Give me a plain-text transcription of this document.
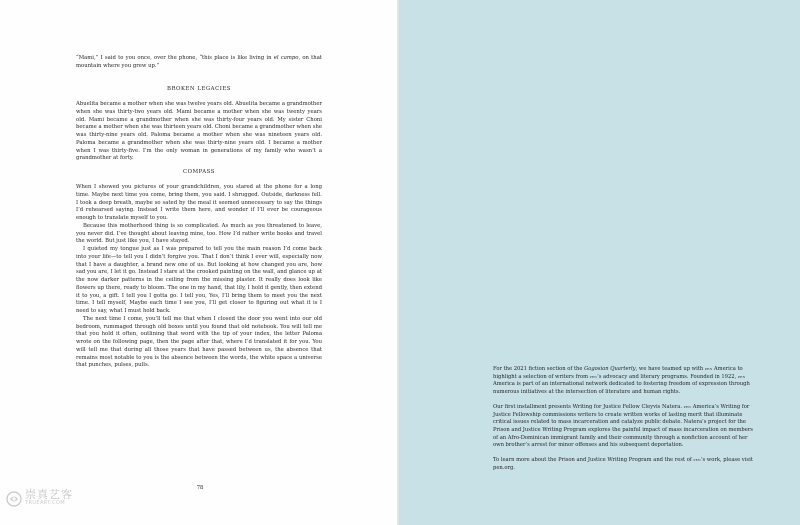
“Mami,” I said to you once, over the phone, “this place is like living in el campo, on that mountain where you grew up.”

BROKEN LEGACIES

Abuelita became a mother when she was twelve years old. Abuelita became a grandmother when she was thirty-two years old. Mami became a mother when she was twenty years old. Mami became a grandmother when she was thirty-four years old. My sister Choni became a mother when she was thirteen years old. Choni became a grandmother when she was thirty-nine years old. Paloma became a mother when she was nineteen years old. Paloma became a grandmother when she was thirty-nine years old. I became a mother when I was thirty-five. I’m the only woman in generations of my family who wasn’t a grandmother at forty.

COMPASS

When I showed you pictures of your grandchildren, you stared at the phone for a long time. Maybe next time you come, bring them, you said. I shrugged. Outside, darkness fell. I took a deep breath, maybe so sated by the meal it seemed unnecessary to say the things I’d rehearsed saying. Instead I write them here, and wonder if I’ll ever be courageous enough to translate myself to you.

Because this motherhood thing is so complicated. As much as you threatened to leave, you never did. I’ve thought about leaving mine, too. How I’d rather write books and travel the world. But just like you, I have stayed.

I quieted my tongue just as I was prepared to tell you the main reason I’d come back into your life—to tell you I didn’t forgive you. That I don’t think I ever will, especially now that I have a daughter, a brand new one of us. But looking at how changed you are, how sad you are, I let it go. Instead I stare at the crooked painting on the wall, and glance up at the now darker patterns in the ceiling from the missing plaster. It really does look like flowers up there, ready to bloom. The one in my hand, that lily, I hold it gently, then extend it to you, a gift. I tell you I gotta go. I tell you, Yes, I’ll bring them to meet you the next time. I tell myself, Maybe each time I see you, I’ll get closer to figuring out what it is I need to say, what I must hold back.

The next time I come, you’ll tell me that when I closed the door you went into our old bedroom, rummaged through old boxes until you found that old notebook. You will tell me that you hold it often, outlining that word with the tip of your index, the letter Paloma wrote on the following page, then the page after that, where I’d translated it for you. You will tell me that during all those years that have passed between us, the absence that remains most notable to you is the absence between the words, the white space a universe that punches, pulses, pulls.

78
崇真艺客
TRUEART.COM

For the 2021 fiction section of the Gagosian Quarterly, we have teamed up with pen America to highlight a selection of writers from pen’s advocacy and literary programs. Founded in 1922, pen America is part of an international network dedicated to fostering freedom of expression through numerous initiatives at the intersection of literature and human rights.

Our first installment presents Writing for Justice Fellow Cleyvis Natera. pen America’s Writing for Justice Fellowship commissions writers to create written works of lasting merit that illuminate critical issues related to mass incarceration and catalyze public debate. Natera’s project for the Prison and Justice Writing Program explores the painful impact of mass incarceration on members of an Afro-Dominican immigrant family and their community through a nonfiction account of her own brother’s arrest for minor offenses and his subsequent deportation.

To learn more about the Prison and Justice Writing Program and the rest of pen’s work, please visit pen.org.
